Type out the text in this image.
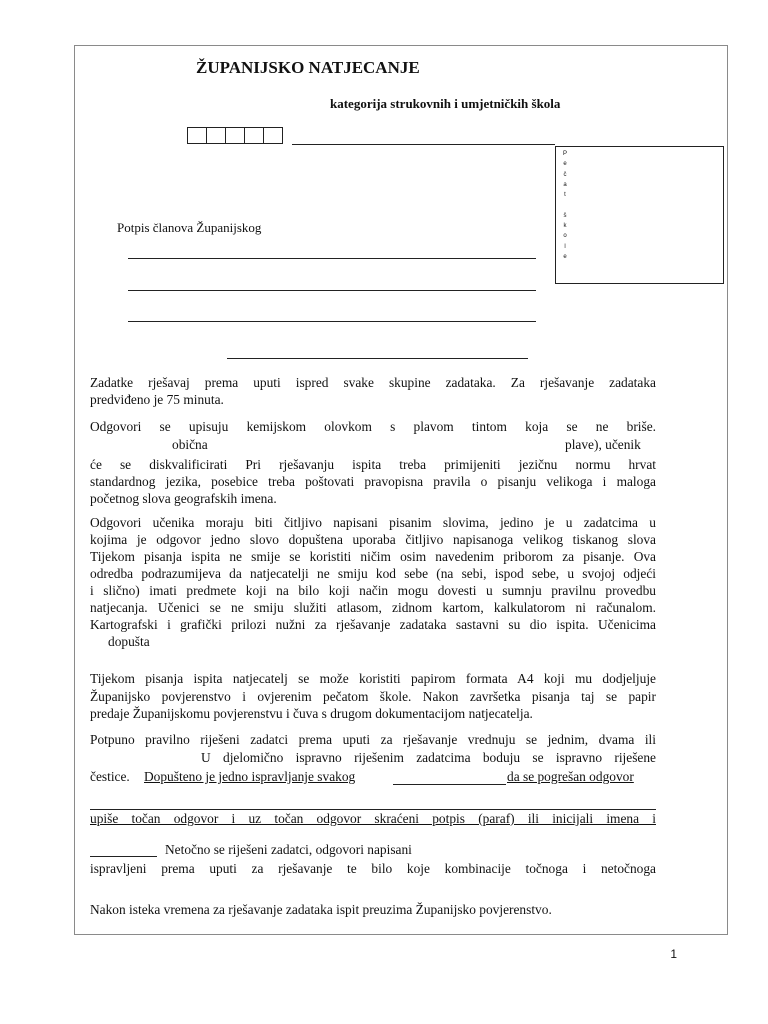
ŽUPANIJSKO NATJECANJE
kategorija strukovnih i umjetničkih škola
P
e
č
a
t
š
k
o
l
e
Potpis članova Županijskog
Zadatke rješavaj prema uputi ispred svake skupine zadataka. Za rješavanje zadataka
predviđeno je 75 minuta.
Odgovori se upisuju kemijskom olovkom s plavom tintom koja se ne briše.
obična	plave), učenik
će se diskvalificirati Pri rješavanju ispita treba primijeniti jezičnu normu hrvat
standardnog jezika, posebice treba poštovati pravopisna pravila o pisanju velikoga i maloga
početnog slova geografskih imena.
Odgovori učenika moraju biti čitljivo napisani pisanim slovima, jedino je u zadatcima u
kojima je odgovor jedno slovo dopuštena uporaba čitljivo napisanoga velikog tiskanog slova
Tijekom pisanja ispita ne smije se koristiti ničim osim navedenim priborom za pisanje. Ova
odredba podrazumijeva da natjecatelji ne smiju kod sebe (na sebi, ispod sebe, u svojoj odjeći
i slično) imati predmete koji na bilo koji način mogu dovesti u sumnju pravilnu provedbu
natjecanja. Učenici se ne smiju služiti atlasom, zidnom kartom, kalkulatorom ni računalom.
Kartografski i grafički prilozi nužni za rješavanje zadataka sastavni su dio ispita. Učenicima
dopušta
Tijekom pisanja ispita natjecatelj se može koristiti papirom formata A4 koji mu dodjeljuje
Županijsko povjerenstvo i ovjerenim pečatom škole. Nakon završetka pisanja taj se papir
predaje Županijskomu povjerenstvu i čuva s drugom dokumentacijom natjecatelja.
Potpuno pravilno riješeni zadatci prema uputi za rješavanje vrednuju se jednim, dvama ili
U djelomično ispravno riješenim zadatcima boduju se ispravno riješene
čestice. Dopušteno je jedno ispravljanje svakog	da se pogrešan odgovor
upiše točan odgovor i uz točan odgovor skraćeni potpis (paraf) ili inicijali imena i
Netočno se riješeni zadatci, odgovori napisani
ispravljeni prema uputi za rješavanje te bilo koje kombinacije točnoga i netočnoga
Nakon isteka vremena za rješavanje zadataka ispit preuzima Županijsko povjerenstvo.
1
